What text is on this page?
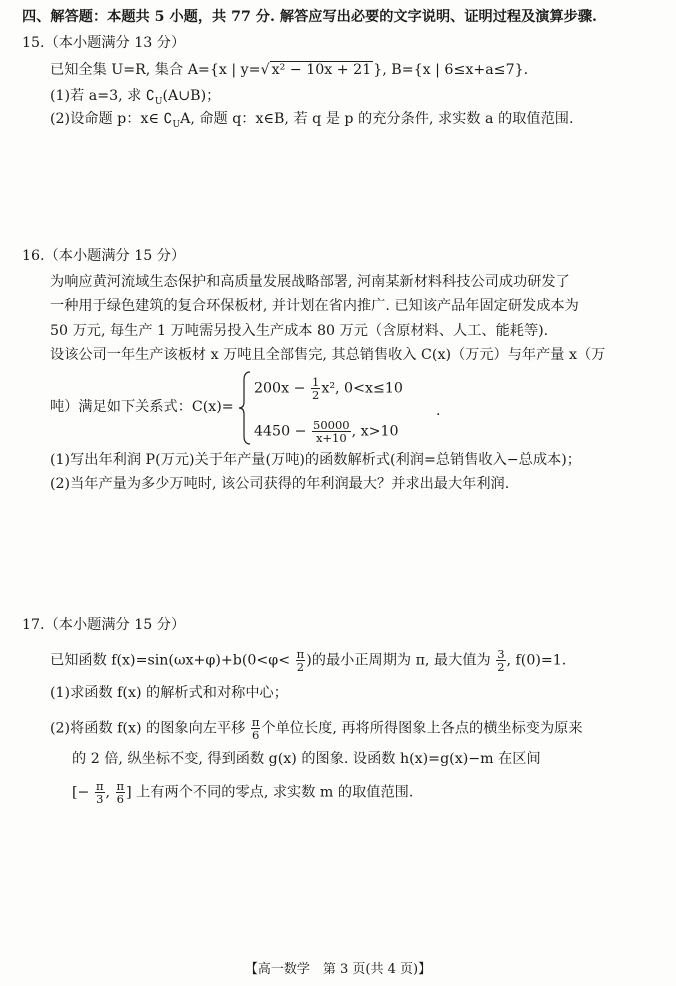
四、解答题：本题共 5 小题，共 77 分. 解答应写出必要的文字说明、证明过程及演算步骤.
15.（本小题满分 13 分）
已知全集 U=R, 集合 A={x | y=√ x² − 10x + 21 }, B={x | 6≤x+a≤7}.
(1)若 a=3, 求 $∁_U(A\cup B)$；
(2)设命题 p：x∈ $∁_UA$, 命题 q：x∈B, 若 q 是 p 的充分条件, 求实数 a 的取值范围.
16.（本小题满分 15 分）
为响应黄河流域生态保护和高质量发展战略部署, 河南某新材料科技公司成功研发了
一种用于绿色建筑的复合环保板材, 并计划在省内推广. 已知该产品年固定研发成本为
50 万元, 每生产 1 万吨需另投入生产成本 80 万元（含原材料、人工、能耗等).
设该公司一年生产该板材 x 万吨且全部售完, 其总销售收入 C(x)（万元）与年产量 x（万
吨）满足如下关系式：C(x)=
$200x - \frac{1}{2} x^2$, 0<x≤10
$4450 - \frac{50000}{x+10}$ , x>10
.
(1)写出年利润 P(万元)关于年产量(万吨)的函数解析式(利润=总销售收入−总成本)；
(2)当年产量为多少万吨时, 该公司获得的年利润最大？并求出最大年利润.
17.（本小题满分 15 分）
已知函数 $f(x)=\sin(\omega x+\varphi)+b(0<\varphi< \frac{\pi}{2}$ )的最小正周期为 π, 最大值为 $\frac{3}{2}$ , f(0)=1.
(1)求函数 f(x) 的解析式和对称中心；
(2)将函数 f(x) 的图象向左平移 $\frac{\pi}{6}$ 个单位长度, 再将所得图象上各点的横坐标变为原来
的 2 倍, 纵坐标不变, 得到函数 g(x) 的图象. 设函数 h(x)=g(x)−m 在区间
[− $\frac{\pi}{3}$ , $\frac{\pi}{6}$ ] 上有两个不同的零点, 求实数 m 的取值范围.
【高一数学　第 3 页(共 4 页)】
